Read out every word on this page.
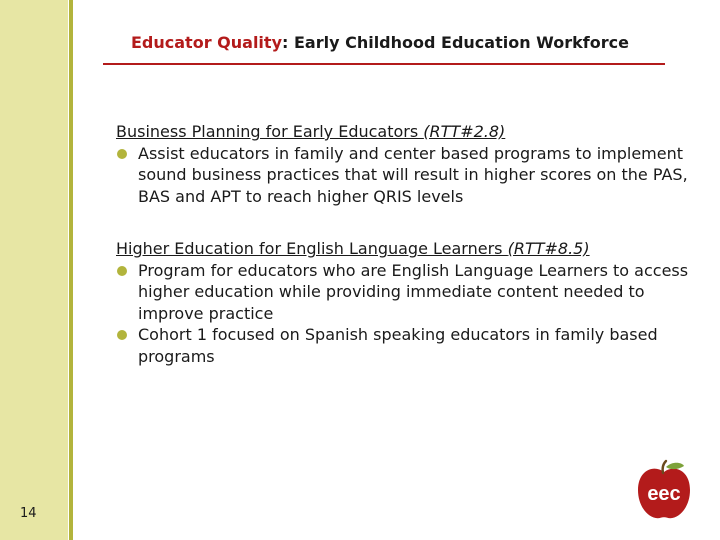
Educator Quality: Early Childhood Education Workforce
Business Planning for Early Educators (RTT#2.8)
Assist educators in family and center based programs to implement sound business practices that will result in higher scores on the PAS, BAS and APT to reach higher QRIS levels
Higher Education for English Language Learners (RTT#8.5)
Program for educators who are English Language Learners to access higher education while providing immediate content needed to improve practice
Cohort 1 focused on Spanish speaking educators in family based programs
14
eec
